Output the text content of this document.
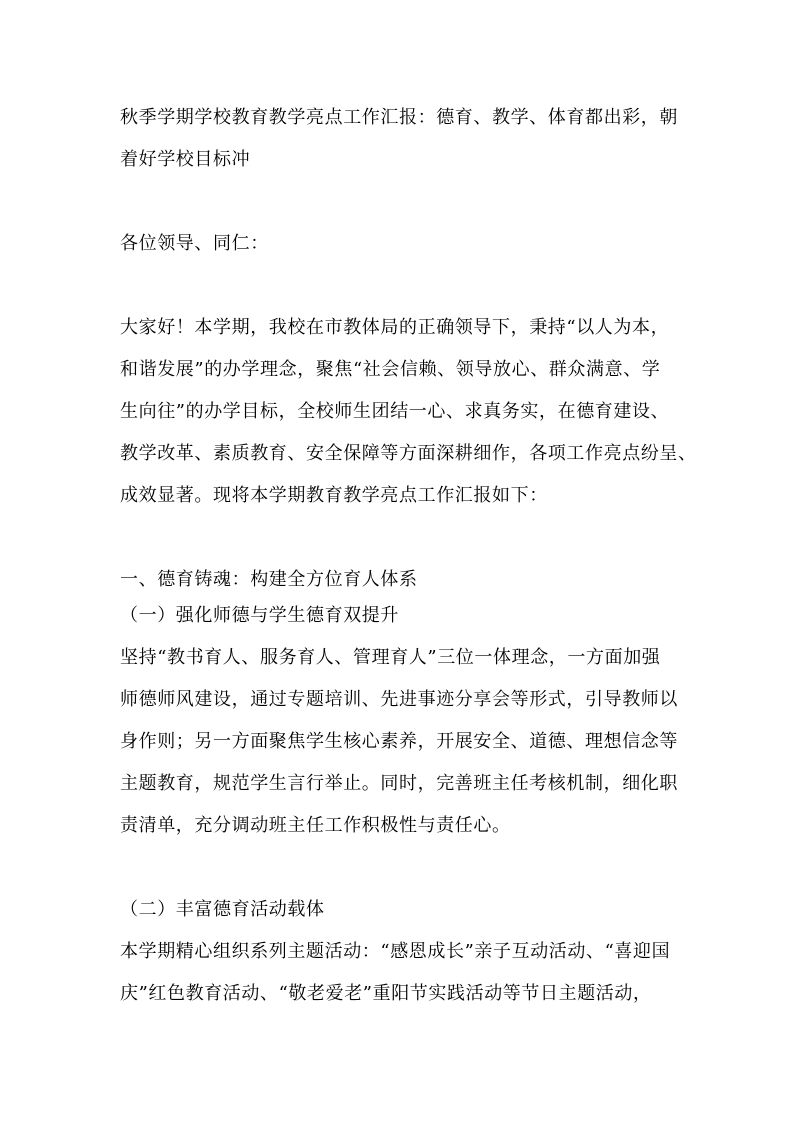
秋季学期学校教育教学亮点工作汇报：德育、教学、体育都出彩，朝
着好学校目标冲
各位领导、同仁：
大家好！本学期，我校在市教体局的正确领导下，秉持“以人为本，
和谐发展”的办学理念，聚焦“社会信赖、领导放心、群众满意、学
生向往”的办学目标，全校师生团结一心、求真务实，在德育建设、
教学改革、素质教育、安全保障等方面深耕细作，各项工作亮点纷呈、
成效显著。现将本学期教育教学亮点工作汇报如下：
一、德育铸魂：构建全方位育人体系
（一）强化师德与学生德育双提升
坚持“教书育人、服务育人、管理育人”三位一体理念，一方面加强
师德师风建设，通过专题培训、先进事迹分享会等形式，引导教师以
身作则；另一方面聚焦学生核心素养，开展安全、道德、理想信念等
主题教育，规范学生言行举止。同时，完善班主任考核机制，细化职
责清单，充分调动班主任工作积极性与责任心。
（二）丰富德育活动载体
本学期精心组织系列主题活动：“感恩成长”亲子互动活动、“喜迎国
庆”红色教育活动、“敬老爱老”重阳节实践活动等节日主题活动，
